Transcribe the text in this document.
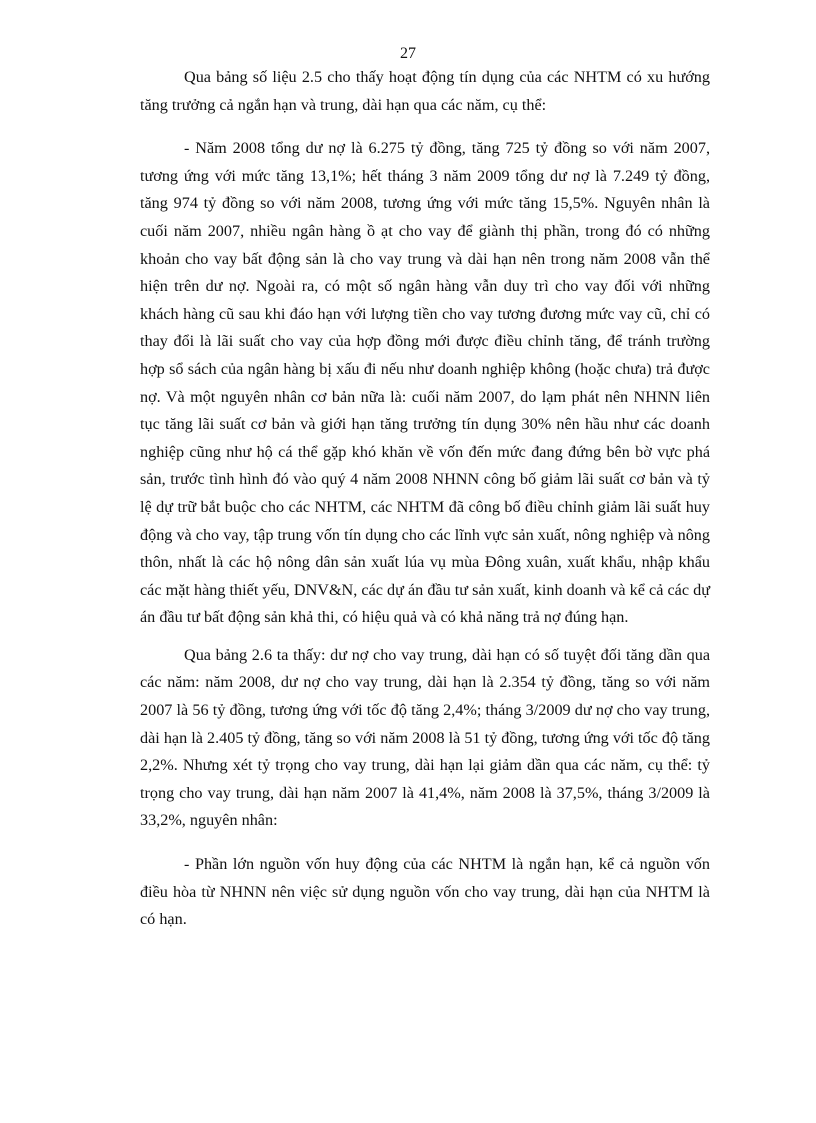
27

Qua bảng số liệu 2.5 cho thấy hoạt động tín dụng của các NHTM có xu hướng tăng trưởng cả ngắn hạn và trung, dài hạn qua các năm, cụ thể:

- Năm 2008 tổng dư nợ là 6.275 tỷ đồng, tăng 725 tỷ đồng so với năm 2007, tương ứng với mức tăng 13,1%; hết tháng 3 năm 2009 tổng dư nợ là 7.249 tỷ đồng, tăng 974 tỷ đồng so với năm 2008, tương ứng với mức tăng 15,5%. Nguyên nhân là cuối năm 2007, nhiều ngân hàng ồ ạt cho vay để giành thị phần, trong đó có những khoản cho vay bất động sản là cho vay trung và dài hạn nên trong năm 2008 vẫn thể hiện trên dư nợ. Ngoài ra, có một số ngân hàng vẫn duy trì cho vay đối với những khách hàng cũ sau khi đáo hạn với lượng tiền cho vay tương đương mức vay cũ, chỉ có thay đổi là lãi suất cho vay của hợp đồng mới được điều chỉnh tăng, để tránh trường hợp sổ sách của ngân hàng bị xấu đi nếu như doanh nghiệp không (hoặc chưa) trả được nợ. Và một nguyên nhân cơ bản nữa là: cuối năm 2007, do lạm phát nên NHNN liên tục tăng lãi suất cơ bản và giới hạn tăng trưởng tín dụng 30% nên hầu như các doanh nghiệp cũng như hộ cá thể gặp khó khăn về vốn đến mức đang đứng bên bờ vực phá sản, trước tình hình đó vào quý 4 năm 2008 NHNN công bố giảm lãi suất cơ bản và tỷ lệ dự trữ bắt buộc cho các NHTM, các NHTM đã công bố điều chỉnh giảm lãi suất huy động và cho vay, tập trung vốn tín dụng cho các lĩnh vực sản xuất, nông nghiệp và nông thôn, nhất là các hộ nông dân sản xuất lúa vụ mùa Đông xuân, xuất khẩu, nhập khẩu các mặt hàng thiết yếu, DNV&N, các dự án đầu tư sản xuất, kinh doanh và kể cả các dự án đầu tư bất động sản khả thi, có hiệu quả và có khả năng trả nợ đúng hạn.

Qua bảng 2.6 ta thấy: dư nợ cho vay trung, dài hạn có số tuyệt đối tăng dần qua các năm: năm 2008, dư nợ cho vay trung, dài hạn là 2.354 tỷ đồng, tăng so với năm 2007 là 56 tỷ đồng, tương ứng với tốc độ tăng 2,4%; tháng 3/2009 dư nợ cho vay trung, dài hạn là 2.405 tỷ đồng, tăng so với năm 2008 là 51 tỷ đồng, tương ứng với tốc độ tăng 2,2%. Nhưng xét tỷ trọng cho vay trung, dài hạn lại giảm dần qua các năm, cụ thể: tỷ trọng cho vay trung, dài hạn năm 2007 là 41,4%, năm 2008 là 37,5%, tháng 3/2009 là 33,2%, nguyên nhân:

- Phần lớn nguồn vốn huy động của các NHTM là ngắn hạn, kể cả nguồn vốn điều hòa từ NHNN nên việc sử dụng nguồn vốn cho vay trung, dài hạn của NHTM là có hạn.
